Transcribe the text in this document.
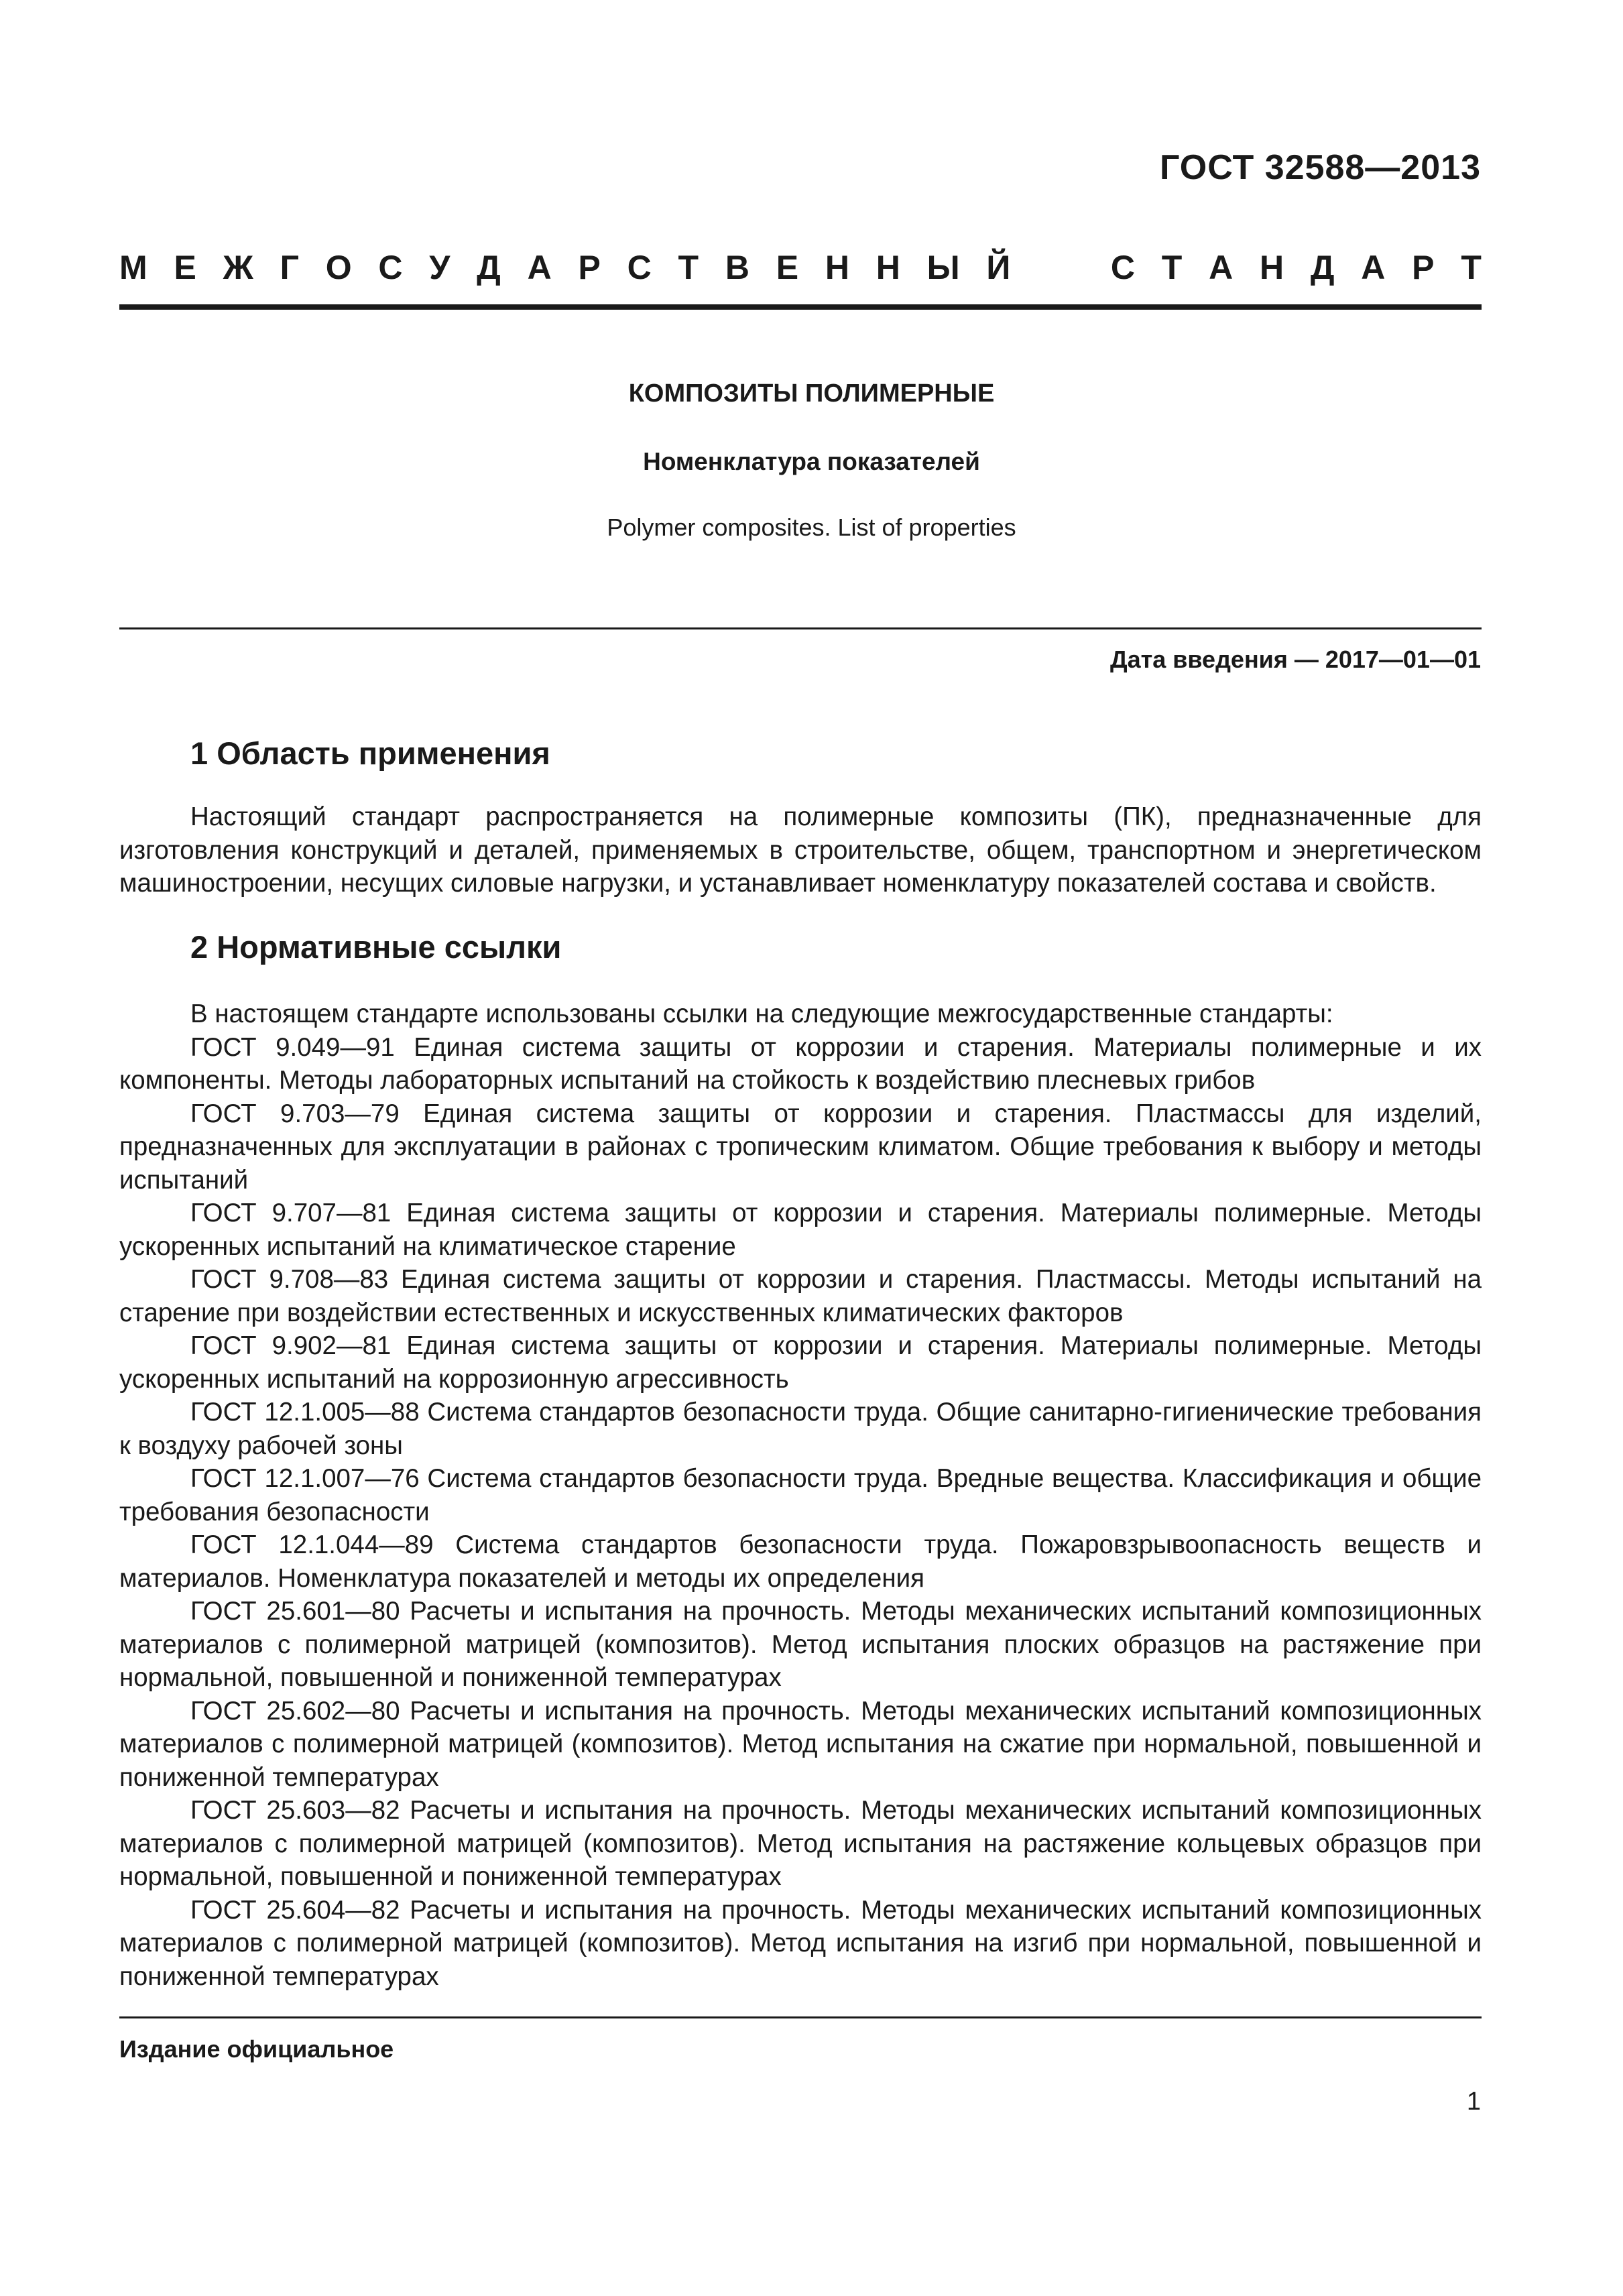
ГОСТ 32588—2013
М Е Ж Г О С У Д А Р С Т В Е Н Н Ы Й	С Т А Н Д А Р Т
КОМПОЗИТЫ ПОЛИМЕРНЫЕ
Номенклатура показателей
Polymer composites. List of properties
Дата введения — 2017—01—01
1 Область применения
Настоящий стандарт распространяется на полимерные композиты (ПК), предназначенные для изготовления конструкций и деталей, применяемых в строительстве, общем, транспортном и энергетическом машиностроении, несущих силовые нагрузки, и устанавливает номенклатуру показателей состава и свойств.
2 Нормативные ссылки
В настоящем стандарте использованы ссылки на следующие межгосударственные стандарты:
ГОСТ 9.049—91 Единая система защиты от коррозии и старения. Материалы полимерные и их компоненты. Методы лабораторных испытаний на стойкость к воздействию плесневых грибов
ГОСТ 9.703—79 Единая система защиты от коррозии и старения. Пластмассы для изделий, предназначенных для эксплуатации в районах с тропическим климатом. Общие требования к выбору и методы испытаний
ГОСТ 9.707—81 Единая система защиты от коррозии и старения. Материалы полимерные. Методы ускоренных испытаний на климатическое старение
ГОСТ 9.708—83 Единая система защиты от коррозии и старения. Пластмассы. Методы испытаний на старение при воздействии естественных и искусственных климатических факторов
ГОСТ 9.902—81 Единая система защиты от коррозии и старения. Материалы полимерные. Методы ускоренных испытаний на коррозионную агрессивность
ГОСТ 12.1.005—88 Система стандартов безопасности труда. Общие санитарно-гигиенические требования к воздуху рабочей зоны
ГОСТ 12.1.007—76 Система стандартов безопасности труда. Вредные вещества. Классификация и общие требования безопасности
ГОСТ 12.1.044—89 Система стандартов безопасности труда. Пожаровзрывоопасность веществ и материалов. Номенклатура показателей и методы их определения
ГОСТ 25.601—80 Расчеты и испытания на прочность. Методы механических испытаний композиционных материалов с полимерной матрицей (композитов). Метод испытания плоских образцов на растяжение при нормальной, повышенной и пониженной температурах
ГОСТ 25.602—80 Расчеты и испытания на прочность. Методы механических испытаний композиционных материалов с полимерной матрицей (композитов). Метод испытания на сжатие при нормальной, повышенной и пониженной температурах
ГОСТ 25.603—82 Расчеты и испытания на прочность. Методы механических испытаний композиционных материалов с полимерной матрицей (композитов). Метод испытания на растяжение кольцевых образцов при нормальной, повышенной и пониженной температурах
ГОСТ 25.604—82 Расчеты и испытания на прочность. Методы механических испытаний композиционных материалов с полимерной матрицей (композитов). Метод испытания на изгиб при нормальной, повышенной и пониженной температурах
Издание официальное
1
